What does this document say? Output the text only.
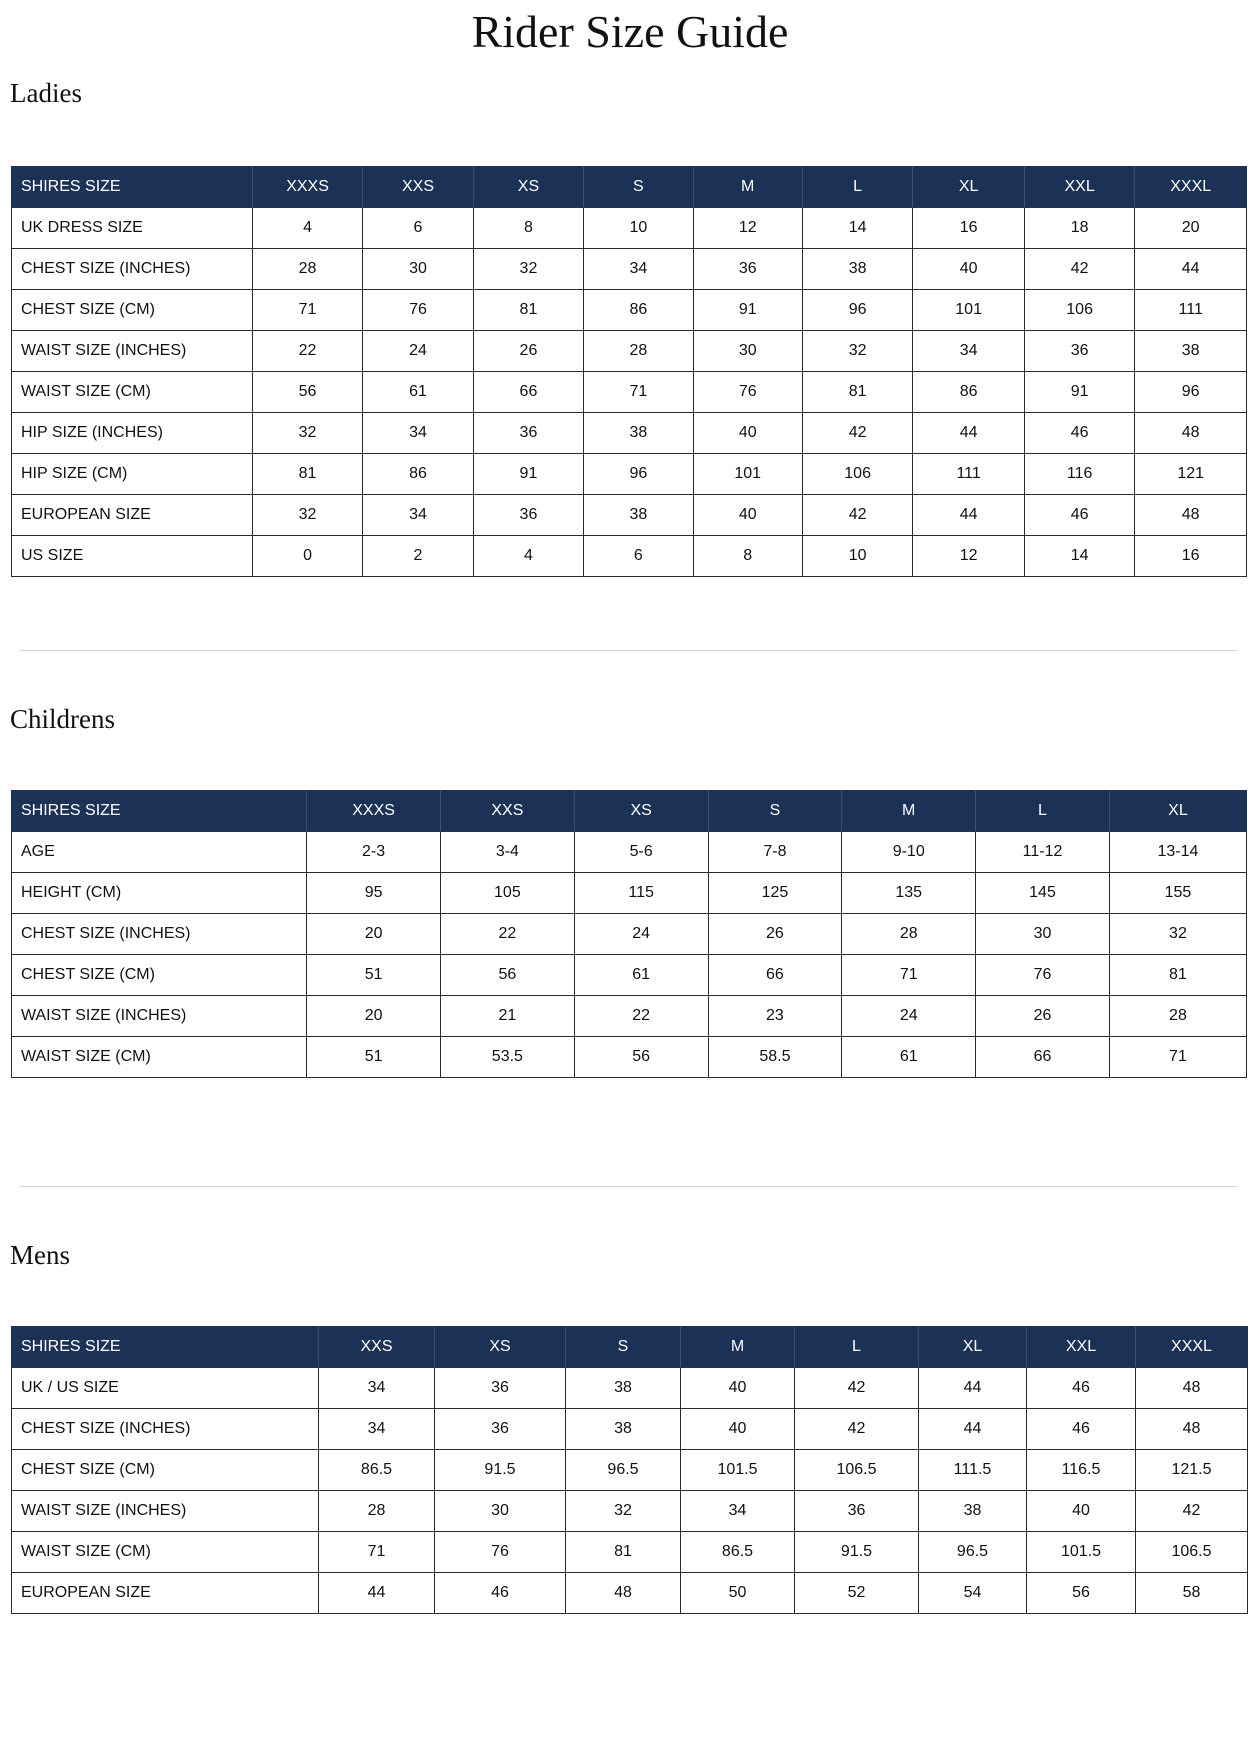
Rider Size Guide
Ladies
SHIRES SIZE	XXXS	XXS	XS	S	M	L	XL	XXL	XXXL
UK DRESS SIZE	4	6	8	10	12	14	16	18	20
CHEST SIZE (INCHES)	28	30	32	34	36	38	40	42	44
CHEST SIZE (CM)	71	76	81	86	91	96	101	106	111
WAIST SIZE (INCHES)	22	24	26	28	30	32	34	36	38
WAIST SIZE (CM)	56	61	66	71	76	81	86	91	96
HIP SIZE (INCHES)	32	34	36	38	40	42	44	46	48
HIP SIZE (CM)	81	86	91	96	101	106	111	116	121
EUROPEAN SIZE	32	34	36	38	40	42	44	46	48
US SIZE	0	2	4	6	8	10	12	14	16
Childrens
SHIRES SIZE	XXXS	XXS	XS	S	M	L	XL
AGE	2-3	3-4	5-6	7-8	9-10	11-12	13-14
HEIGHT (CM)	95	105	115	125	135	145	155
CHEST SIZE (INCHES)	20	22	24	26	28	30	32
CHEST SIZE (CM)	51	56	61	66	71	76	81
WAIST SIZE (INCHES)	20	21	22	23	24	26	28
WAIST SIZE (CM)	51	53.5	56	58.5	61	66	71
Mens
SHIRES SIZE	XXS	XS	S	M	L	XL	XXL	XXXL
UK / US SIZE	34	36	38	40	42	44	46	48
CHEST SIZE (INCHES)	34	36	38	40	42	44	46	48
CHEST SIZE (CM)	86.5	91.5	96.5	101.5	106.5	111.5	116.5	121.5
WAIST SIZE (INCHES)	28	30	32	34	36	38	40	42
WAIST SIZE (CM)	71	76	81	86.5	91.5	96.5	101.5	106.5
EUROPEAN SIZE	44	46	48	50	52	54	56	58
